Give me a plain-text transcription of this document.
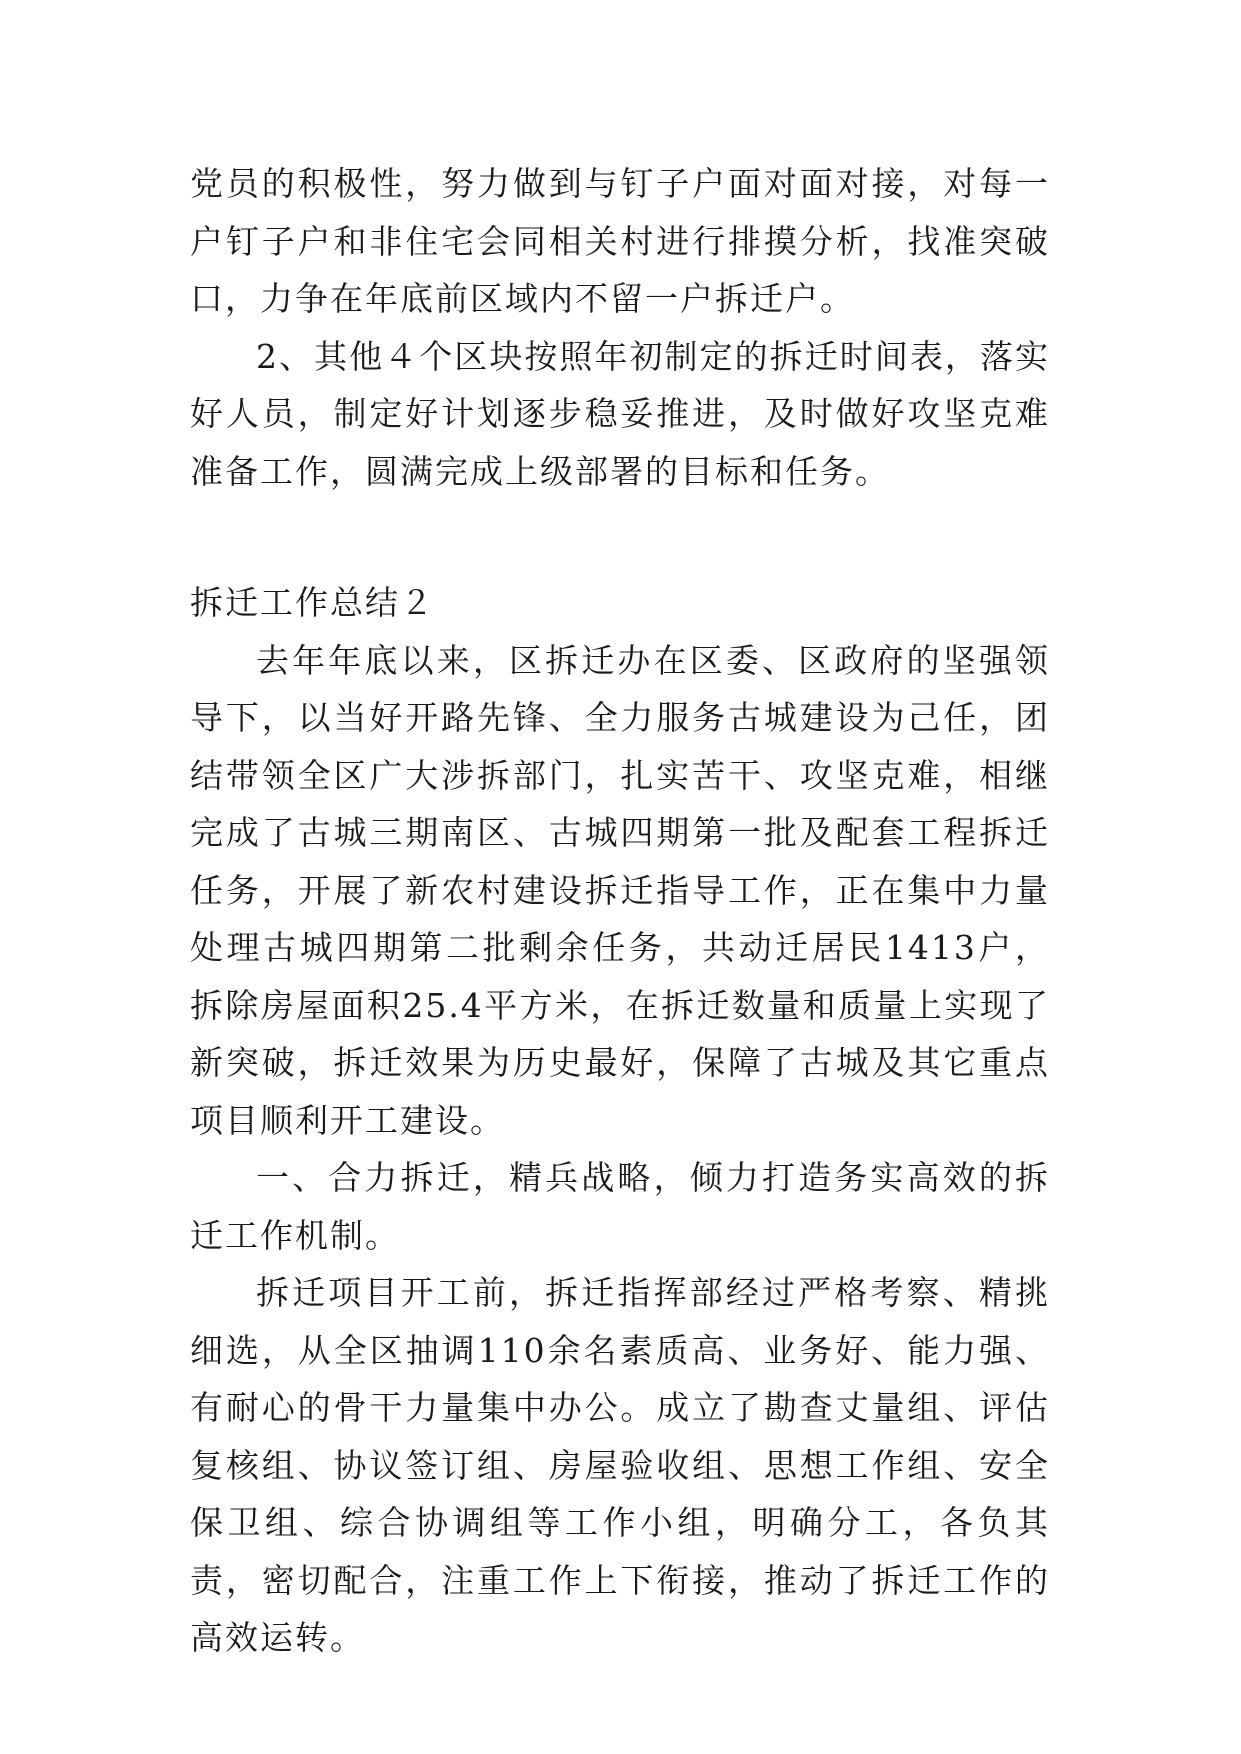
党员的积极性，努力做到与钉子户面对面对接，对每一户钉子户和非住宅会同相关村进行排摸分析，找准突破口，力争在年底前区域内不留一户拆迁户。

2、其他４个区块按照年初制定的拆迁时间表，落实好人员，制定好计划逐步稳妥推进，及时做好攻坚克难准备工作，圆满完成上级部署的目标和任务。

拆迁工作总结２

去年年底以来，区拆迁办在区委、区政府的坚强领导下，以当好开路先锋、全力服务古城建设为己任，团结带领全区广大涉拆部门，扎实苦干、攻坚克难，相继完成了古城三期南区、古城四期第一批及配套工程拆迁任务，开展了新农村建设拆迁指导工作，正在集中力量处理古城四期第二批剩余任务，共动迁居民1413户，拆除房屋面积25.4平方米，在拆迁数量和质量上实现了新突破，拆迁效果为历史最好，保障了古城及其它重点项目顺利开工建设。

一、合力拆迁，精兵战略，倾力打造务实高效的拆迁工作机制。

拆迁项目开工前，拆迁指挥部经过严格考察、精挑细选，从全区抽调110余名素质高、业务好、能力强、有耐心的骨干力量集中办公。成立了勘查丈量组、评估复核组、协议签订组、房屋验收组、思想工作组、安全保卫组、综合协调组等工作小组，明确分工，各负其责，密切配合，注重工作上下衔接，推动了拆迁工作的高效运转。
